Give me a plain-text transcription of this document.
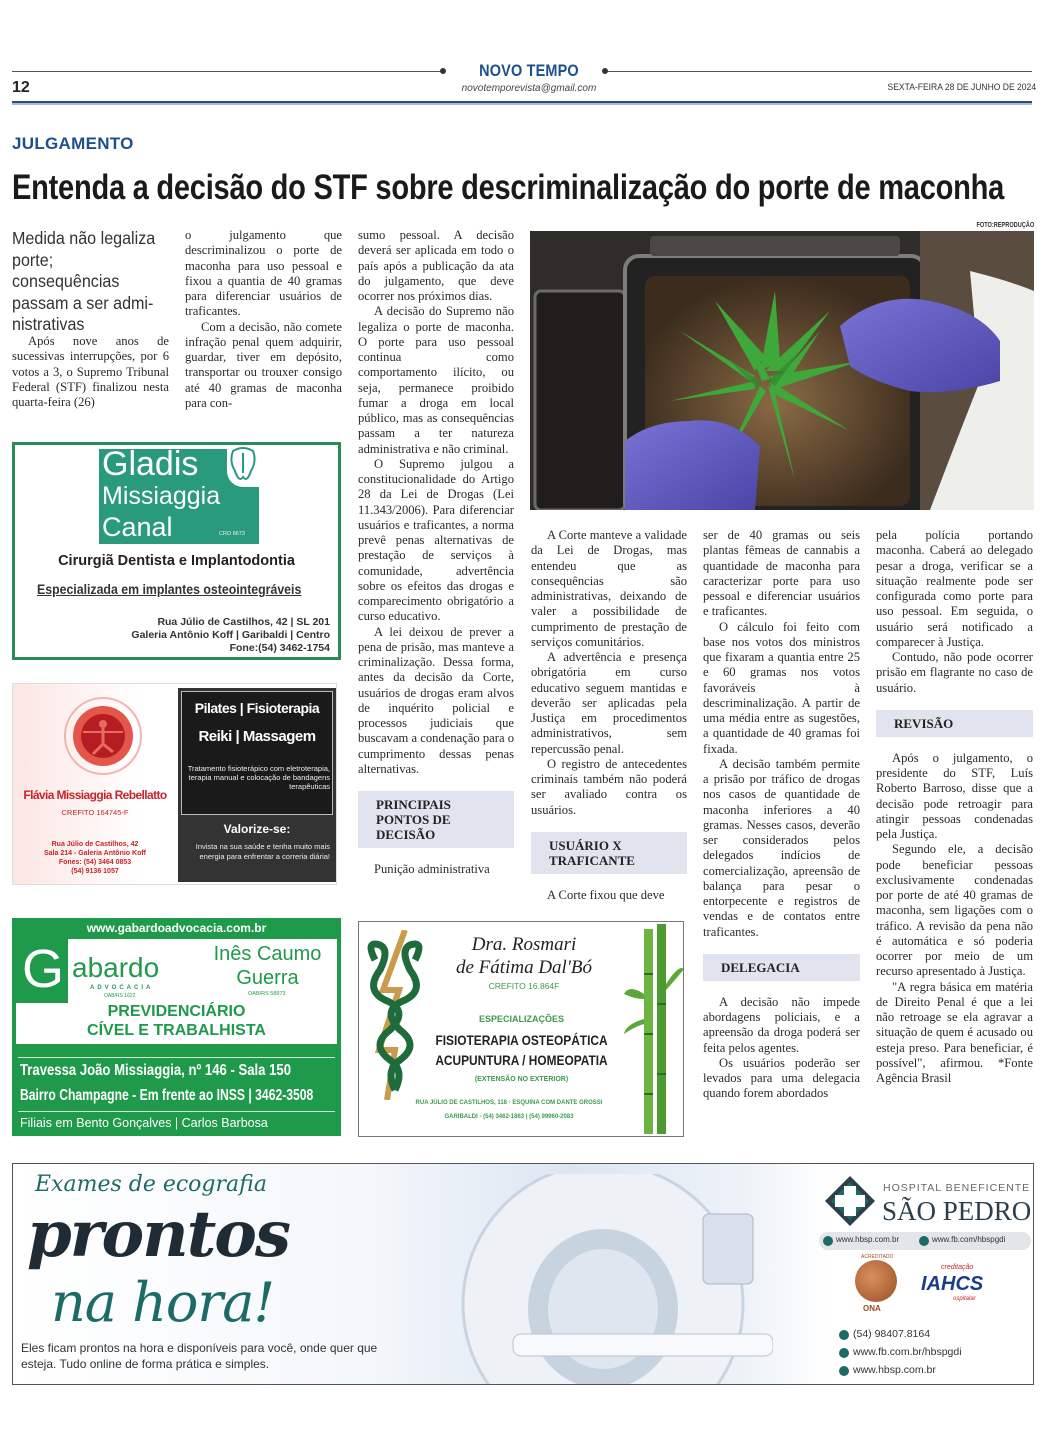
NOVO TEMPO
novotemporevista@gmail.com
12	SEXTA-FEIRA 28 DE JUNHO DE 2024
JULGAMENTO
Entenda a decisão do STF sobre descriminalização do porte de maconha
Medida não legaliza porte; consequências passam a ser admi-nistrativas

Após nove anos de sucessivas interrupções, por 6 votos a 3, o Supremo Tribunal Federal (STF) finalizou nesta quarta-feira (26)

o julgamento que descriminalizou o porte de maconha para uso pessoal e fixou a quantia de 40 gramas para diferenciar usuários de traficantes.

Com a decisão, não comete infração penal quem adquirir, guardar, tiver em depósito, transportar ou trouxer consigo até 40 gramas de maconha para con-

sumo pessoal. A decisão deverá ser aplicada em todo o país após a publicação da ata do julgamento, que deve ocorrer nos próximos dias.

A decisão do Supremo não legaliza o porte de maconha. O porte para uso pessoal continua como comportamento ilícito, ou seja, permanece proibido fumar a droga em local público, mas as consequências passam a ter natureza administrativa e não criminal.

O Supremo julgou a constitucionalidade do Artigo 28 da Lei de Drogas (Lei 11.343/2006). Para diferenciar usuários e traficantes, a norma prevê penas alternativas de prestação de serviços à comunidade, advertência sobre os efeitos das drogas e comparecimento obrigatório a curso educativo.

A lei deixou de prever a pena de prisão, mas manteve a criminalização. Dessa forma, antes da decisão da Corte, usuários de drogas eram alvos de inquérito policial e processos judiciais que buscavam a condenação para o cumprimento dessas penas alternativas.

PRINCIPAIS PONTOS DE DECISÃO

Punição administrativa

FOTO:REPRODUÇÃO

A Corte manteve a validade da Lei de Drogas, mas entendeu que as consequências são administrativas, deixando de valer a possibilidade de cumprimento de prestação de serviços comunitários.

A advertência e presença obrigatória em curso educativo seguem mantidas e deverão ser aplicadas pela Justiça em procedimentos administrativos, sem repercussão penal.

O registro de antecedentes criminais também não poderá ser avaliado contra os usuários.

USUÁRIO X TRAFICANTE

A Corte fixou que deve

ser de 40 gramas ou seis plantas fêmeas de cannabis a quantidade de maconha para caracterizar porte para uso pessoal e diferenciar usuários e traficantes.

O cálculo foi feito com base nos votos dos ministros que fixaram a quantia entre 25 e 60 gramas nos votos favoráveis à descriminalização. A partir de uma média entre as sugestões, a quantidade de 40 gramas foi fixada.

A decisão também permite a prisão por tráfico de drogas nos casos de quantidade de maconha inferiores a 40 gramas. Nesses casos, deverão ser considerados pelos delegados indícios de comercialização, apreensão de balança para pesar o entorpecente e registros de vendas e de contatos entre traficantes.

DELEGACIA

A decisão não impede abordagens policiais, e a apreensão da droga poderá ser feita pelos agentes.

Os usuários poderão ser levados para uma delegacia quando forem abordados

pela polícia portando maconha. Caberá ao delegado pesar a droga, verificar se a situação realmente pode ser configurada como porte para uso pessoal. Em seguida, o usuário será notificado a comparecer à Justiça.

Contudo, não pode ocorrer prisão em flagrante no caso de usuário.

REVISÃO

Após o julgamento, o presidente do STF, Luís Roberto Barroso, disse que a decisão pode retroagir para atingir pessoas condenadas pela Justiça.

Segundo ele, a decisão pode beneficiar pessoas exclusivamente condenadas por porte de até 40 gramas de maconha, sem ligações com o tráfico. A revisão da pena não é automática e só poderia ocorrer por meio de um recurso apresentado à Justiça.

"A regra básica em matéria de Direito Penal é que a lei não retroage se ela agravar a situação de quem é acusado ou esteja preso. Para beneficiar, é possível", afirmou. *Fonte Agência Brasil

Gladis
Missiaggia
Canal	CRO 8673
Cirurgiã Dentista e Implantodontia
Especializada em implantes osteointegráveis
Rua Júlio de Castilhos, 42 | SL 201
Galeria Antônio Koff | Garibaldi | Centro
Fone:(54) 3462-1754
Flávia Missiaggia Rebellatto
CREFITO 164745-F
Rua Júlio de Castilhos, 42
Sala 214 - Galeria Antônio Koff
Fones: (54) 3464 0853
(54) 9136 1057
Pilates | Fisioterapia
Reiki | Massagem
Tratamento fisioterápico com eletroterapia, terapia manual e colocação de bandagens terapêuticas
Valorize-se:
Invista na sua saúde e tenha muito mais energia para enfrentar a correria diária!
www.gabardoadvocacia.com.br
G abardo
ADVOCACIA
OAB/RS 1622
Inês Caumo
Guerra
OAB/RS 58973
PREVIDENCIÁRIO
CÍVEL E TRABALHISTA
Travessa João Missiaggia, nº 146 - Sala 150
Bairro Champagne - Em frente ao INSS | 3462-3508
Filiais em Bento Gonçalves | Carlos Barbosa
Dra. Rosmari
de Fátima Dal'Bó
CREFITO 16.864F
ESPECIALIZAÇÕES
FISIOTERAPIA OSTEOPÁTICA
ACUPUNTURA / HOMEOPATIA
(EXTENSÃO NO EXTERIOR)
RUA JÚLIO DE CASTILHOS, 118 - ESQUINA COM DANTE GROSSI
GARIBALDI - (54) 3462-1863 | (54) 99960-2083
Exames de ecografia
prontos
na hora!
Eles ficam prontos na hora e disponíveis para você, onde quer que esteja. Tudo online de forma prática e simples.
HOSPITAL BENEFICENTE
SÃO PEDRO
www.hbsp.com.br	www.fb.com/hbspgdi
ACREDITADO
ONA
creditação
IAHCS
ospitalar
(54) 98407.8164
www.fb.com.br/hbspgdi
www.hbsp.com.br
